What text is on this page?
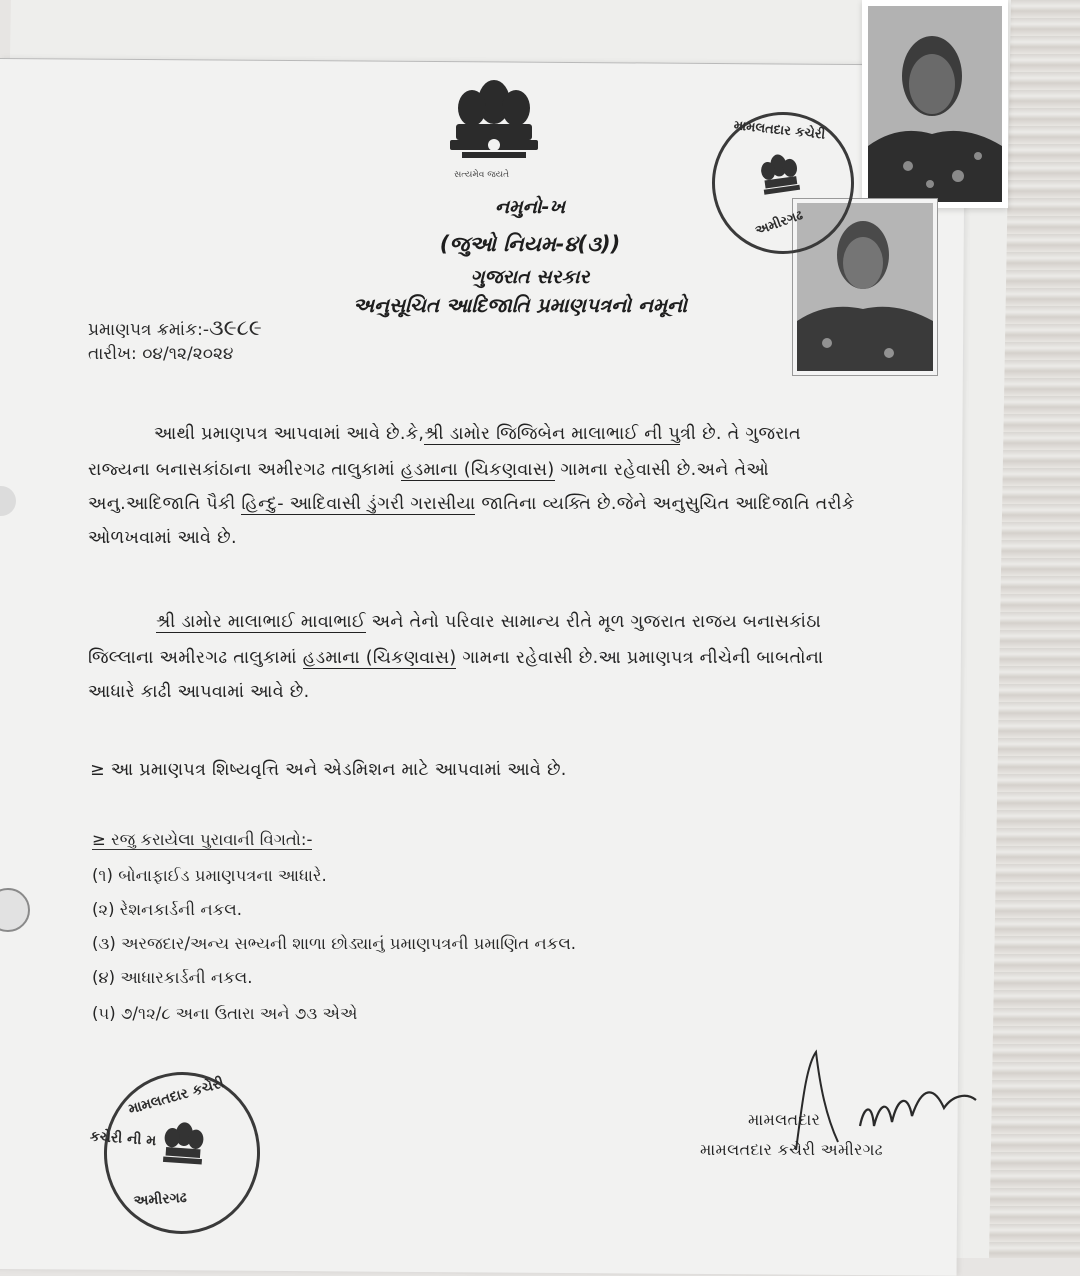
સત્યમેવ જયતે
નમુનો-ખ
(જુઓ નિયમ-૪(૩))
ગુજરાત સરકાર
અનુસૂચિત આદિજાતિ પ્રમાણપત્રનો નમૂનો
પ્રમાણપત્ર ક્રમાંક:-૩૯૮૯
તારીખ: ૦૪/૧૨/૨૦૨૪
મામલતદાર કચેરી
અમીરગઢ
આથી પ્રમાણપત્ર આપવામાં આવે છે.કે,શ્રી ડામોર જિજિબેન માલાભાઈ ની પુત્રી છે. તે ગુજરાત
રાજ્યના બનાસકાંઠાના અમીરગઢ તાલુકામાં હડમાના (ચિકણવાસ) ગામના રહેવાસી છે.અને તેઓ
અનુ.આદિજાતિ પૈકી હિન્દુ- આદિવાસી ડુંગરી ગરાસીયા જાતિના વ્યક્તિ છે.જેને અનુસુચિત આદિજાતિ તરીકે
ઓળખવામાં આવે છે.
શ્રી ડામોર માલાભાઈ માવાભાઈ અને તેનો પરિવાર સામાન્ય રીતે મૂળ ગુજરાત રાજય બનાસકાંઠા
જિલ્લાના અમીરગઢ તાલુકામાં હડમાના (ચિકણવાસ) ગામના રહેવાસી છે.આ પ્રમાણપત્ર નીચેની બાબતોના
આધારે કાઢી આપવામાં આવે છે.
≥ આ પ્રમાણપત્ર શિષ્યવૃત્તિ અને એડમિશન માટે આપવામાં આવે છે.
≥ રજુ કરાયેલા પુરાવાની વિગતો:-
(૧) બોનાફાઈડ પ્રમાણપત્રના આધારે.
(૨) રેશનકાર્ડની નકલ.
(૩) અરજદાર/અન્ય સભ્યની શાળા છોડ્યાનું પ્રમાણપત્રની પ્રમાણિત નકલ.
(૪) આધારકાર્ડની નકલ.
(૫) ૭/૧૨/૮ અના ઉતારા અને ૭૩ એએ
મામલતદાર કચેરી
કચેરી ની મ
અમીરગઢ
મામલતદાર
મામલતદાર કચેરી અમીરગઢ
